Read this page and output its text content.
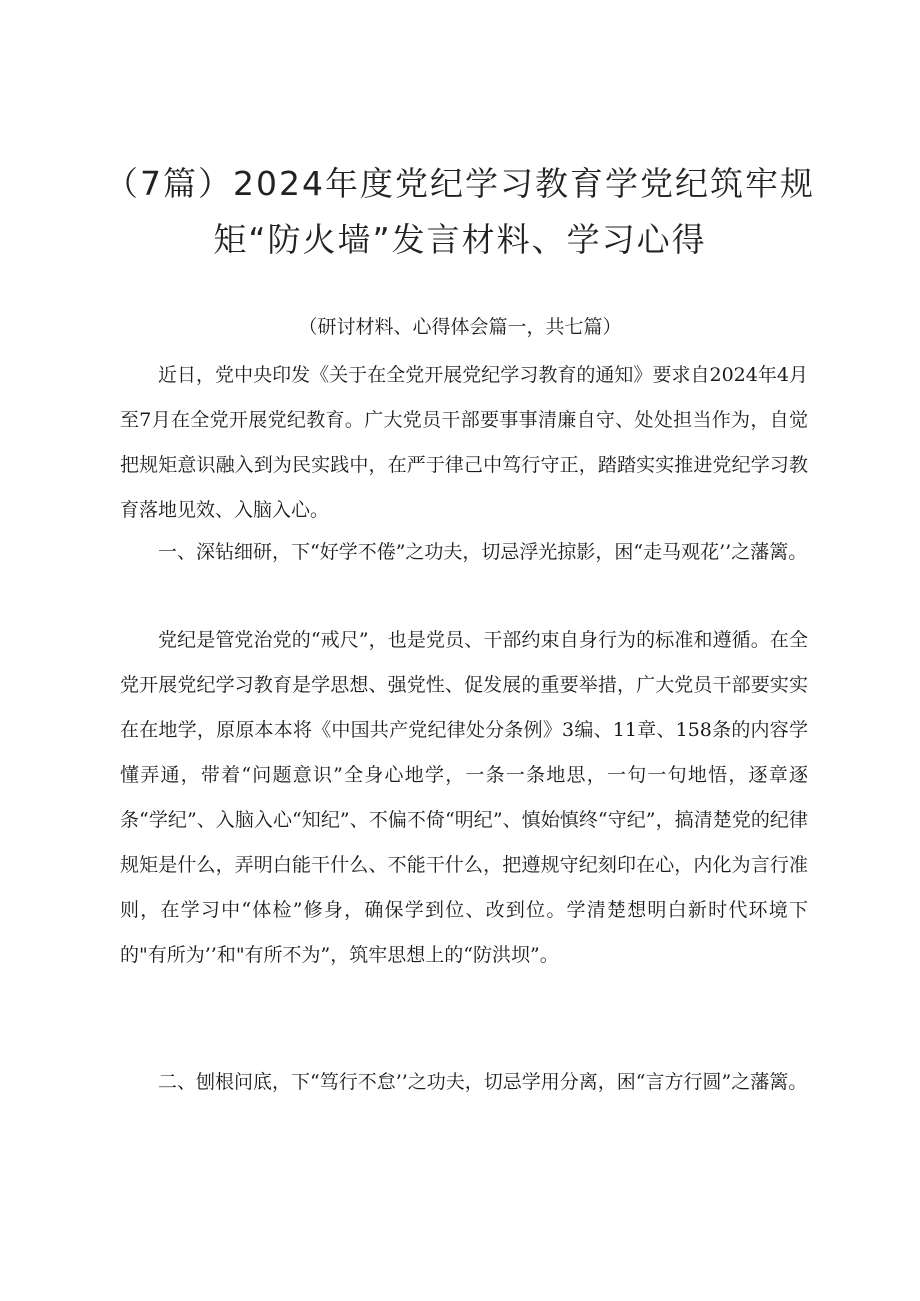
（7篇）2024年度党纪学习教育学党纪筑牢规
矩“防火墙”发言材料、学习心得

（研讨材料、心得体会篇一，共七篇）

近日，党中央印发《关于在全党开展党纪学习教育的通知》要求自2024年4月至7月在全党开展党纪教育。广大党员干部要事事清廉自守、处处担当作为，自觉把规矩意识融入到为民实践中，在严于律己中笃行守正，踏踏实实推进党纪学习教育落地见效、入脑入心。

一、深钻细研，下“好学不倦”之功夫，切忌浮光掠影，困“走马观花’’之藩篱。

党纪是管党治党的“戒尺”，也是党员、干部约束自身行为的标准和遵循。在全党开展党纪学习教育是学思想、强党性、促发展的重要举措，广大党员干部要实实在在地学，原原本本将《中国共产党纪律处分条例》3编、11章、158条的内容学懂弄通，带着“问题意识”全身心地学，一条一条地思，一句一句地悟，逐章逐条“学纪”、入脑入心“知纪”、不偏不倚“明纪”、慎始慎终“守纪”，搞清楚党的纪律规矩是什么，弄明白能干什么、不能干什么，把遵规守纪刻印在心，内化为言行准则，在学习中“体检”修身，确保学到位、改到位。学清楚想明白新时代环境下的"有所为’’和"有所不为”，筑牢思想上的“防洪坝”。

二、刨根问底，下“笃行不怠’’之功夫，切忌学用分离，困“言方行圆”之藩篱。
